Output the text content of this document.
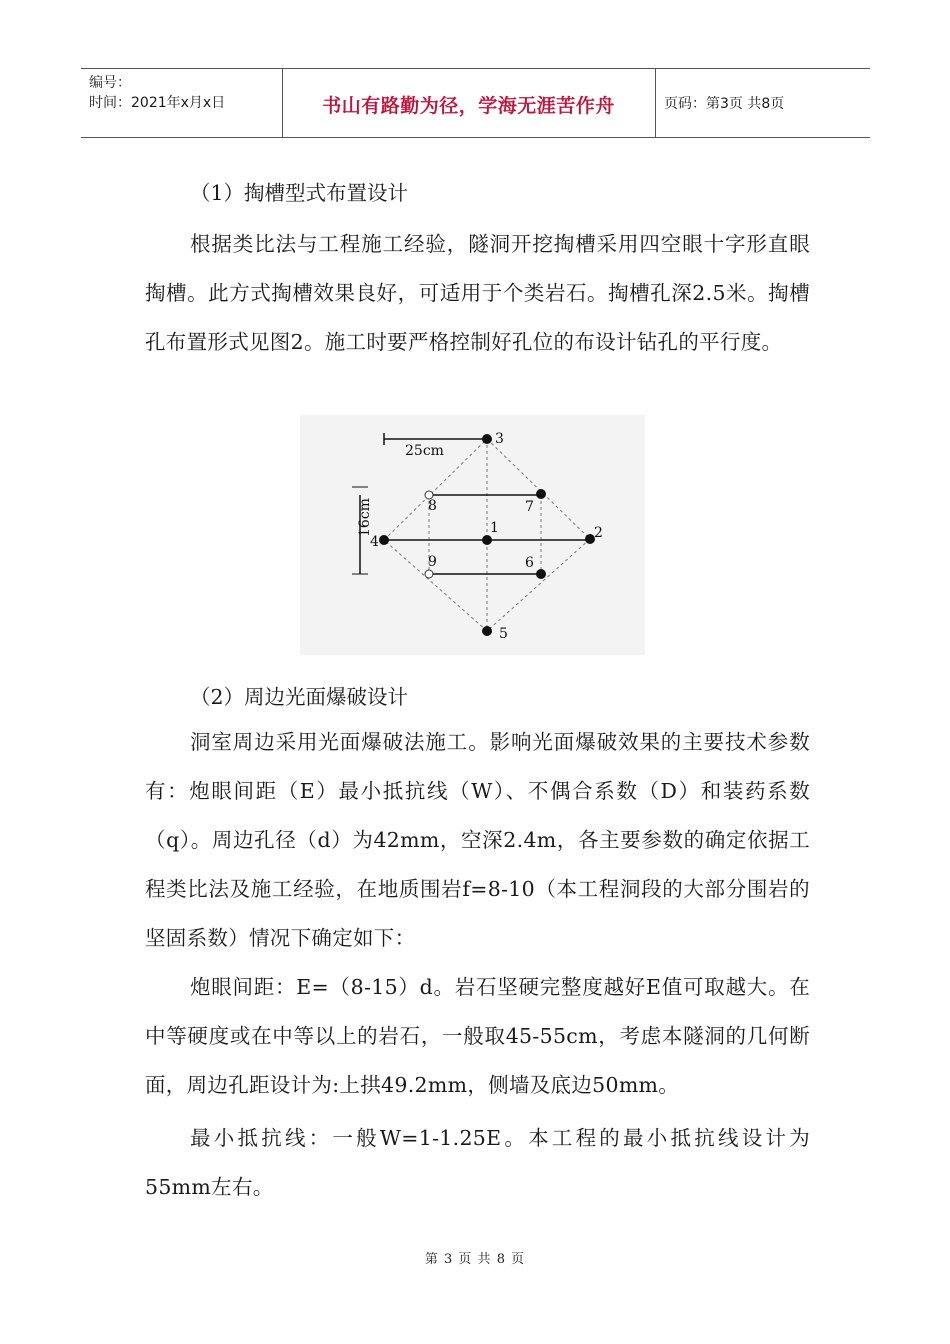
编号：
时间：2021年x月x日	书山有路勤为径，学海无涯苦作舟	页码：第3页 共8页
（1）掏槽型式布置设计
根据类比法与工程施工经验，隧洞开挖掏槽采用四空眼十字形直眼掏槽。此方式掏槽效果良好，可适用于个类岩石。掏槽孔深2.5米。掏槽孔布置形式见图2。施工时要严格控制好孔位的布设计钻孔的平行度。
25cm
16cm	1	2
3
4
5
6
7
8
9
（2）周边光面爆破设计
洞室周边采用光面爆破法施工。影响光面爆破效果的主要技术参数有：炮眼间距（E）最小抵抗线（W）、不偶合系数（D）和装药系数（q）。周边孔径（d）为42mm，空深2.4m，各主要参数的确定依据工程类比法及施工经验，在地质围岩f=8-10（本工程洞段的大部分围岩的坚固系数）情况下确定如下：
炮眼间距：E=（8-15）d。岩石坚硬完整度越好E值可取越大。在中等硬度或在中等以上的岩石，一般取45-55cm，考虑本隧洞的几何断面，周边孔距设计为:上拱49.2mm，侧墙及底边50mm。
最小抵抗线：一般W=1-1.25E。本工程的最小抵抗线设计为55mm左右。
第 3 页 共 8 页
